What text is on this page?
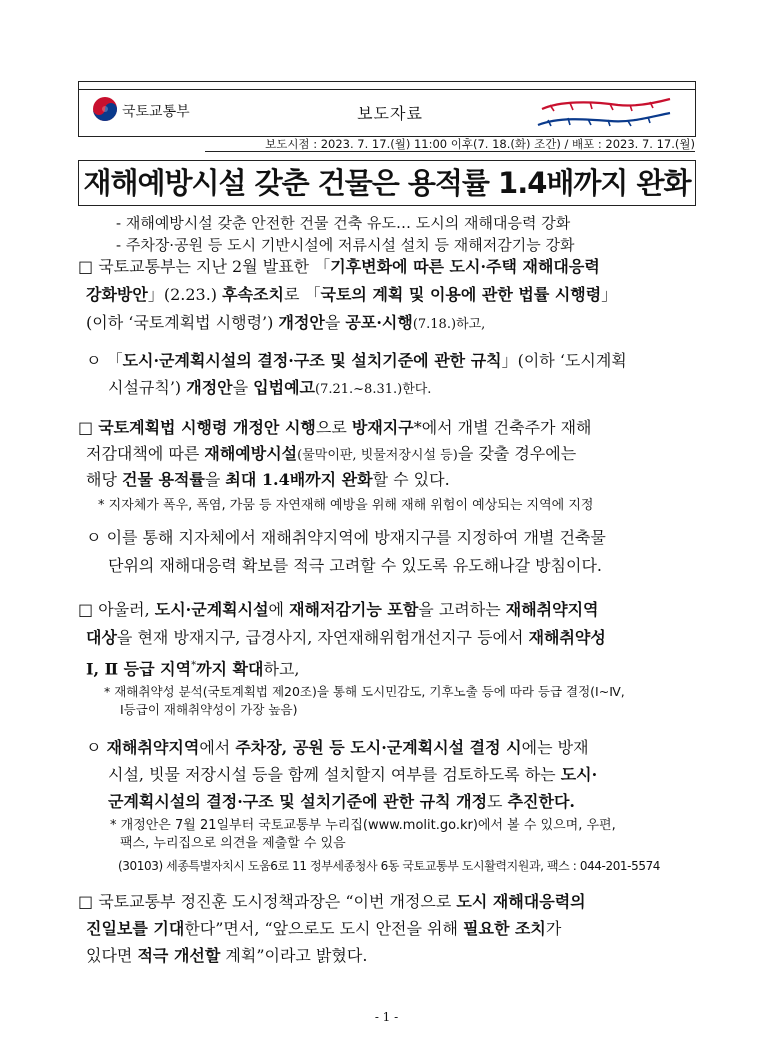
국토교통부	보도자료
보도시점 : 2023. 7. 17.(월) 11:00 이후(7. 18.(화) 조간) / 배포 : 2023. 7. 17.(월)
재해예방시설 갖춘 건물은 용적률 1.4배까지 완화
- 재해예방시설 갖춘 안전한 건물 건축 유도… 도시의 재해대응력 강화
- 주차장·공원 등 도시 기반시설에 저류시설 설치 등 재해저감기능 강화
□ 국토교통부는 지난 2월 발표한 「기후변화에 따른 도시·주택 재해대응력
강화방안」(2.23.) 후속조치로 「국토의 계획 및 이용에 관한 법률 시행령」
(이하 ‘국토계획법 시행령’) 개정안을 공포·시행(7.18.)하고,
ㅇ 「도시·군계획시설의 결정·구조 및 설치기준에 관한 규칙」(이하 ‘도시계획
시설규칙’) 개정안을 입법예고(7.21.~8.31.)한다.
□ 국토계획법 시행령 개정안 시행으로 방재지구*에서 개별 건축주가 재해
저감대책에 따른 재해예방시설(물막이판, 빗물저장시설 등)을 갖출 경우에는
해당 건물 용적률을 최대 1.4배까지 완화할 수 있다.
* 지자체가 폭우, 폭염, 가뭄 등 자연재해 예방을 위해 재해 위험이 예상되는 지역에 지정
ㅇ 이를 통해 지자체에서 재해취약지역에 방재지구를 지정하여 개별 건축물
단위의 재해대응력 확보를 적극 고려할 수 있도록 유도해나갈 방침이다.
□ 아울러, 도시·군계획시설에 재해저감기능 포함을 고려하는 재해취약지역
대상을 현재 방재지구, 급경사지, 자연재해위험개선지구 등에서 재해취약성
Ⅰ, Ⅱ 등급 지역*까지 확대하고,
* 재해취약성 분석(국토계획법 제20조)을 통해 도시민감도, 기후노출 등에 따라 등급 결정(Ⅰ~Ⅳ,
Ⅰ등급이 재해취약성이 가장 높음)
ㅇ 재해취약지역에서 주차장, 공원 등 도시·군계획시설 결정 시에는 방재
시설, 빗물 저장시설 등을 함께 설치할지 여부를 검토하도록 하는 도시·
군계획시설의 결정·구조 및 설치기준에 관한 규칙 개정도 추진한다.
* 개정안은 7월 21일부터 국토교통부 누리집(www.molit.go.kr)에서 볼 수 있으며, 우편,
팩스, 누리집으로 의견을 제출할 수 있음
(30103) 세종특별자치시 도움6로 11 정부세종청사 6동 국토교통부 도시활력지원과, 팩스 : 044-201-5574
□ 국토교통부 정진훈 도시정책과장은 “이번 개정으로 도시 재해대응력의
진일보를 기대한다”면서, “앞으로도 도시 안전을 위해 필요한 조치가
있다면 적극 개선할 계획”이라고 밝혔다.
- 1 -
